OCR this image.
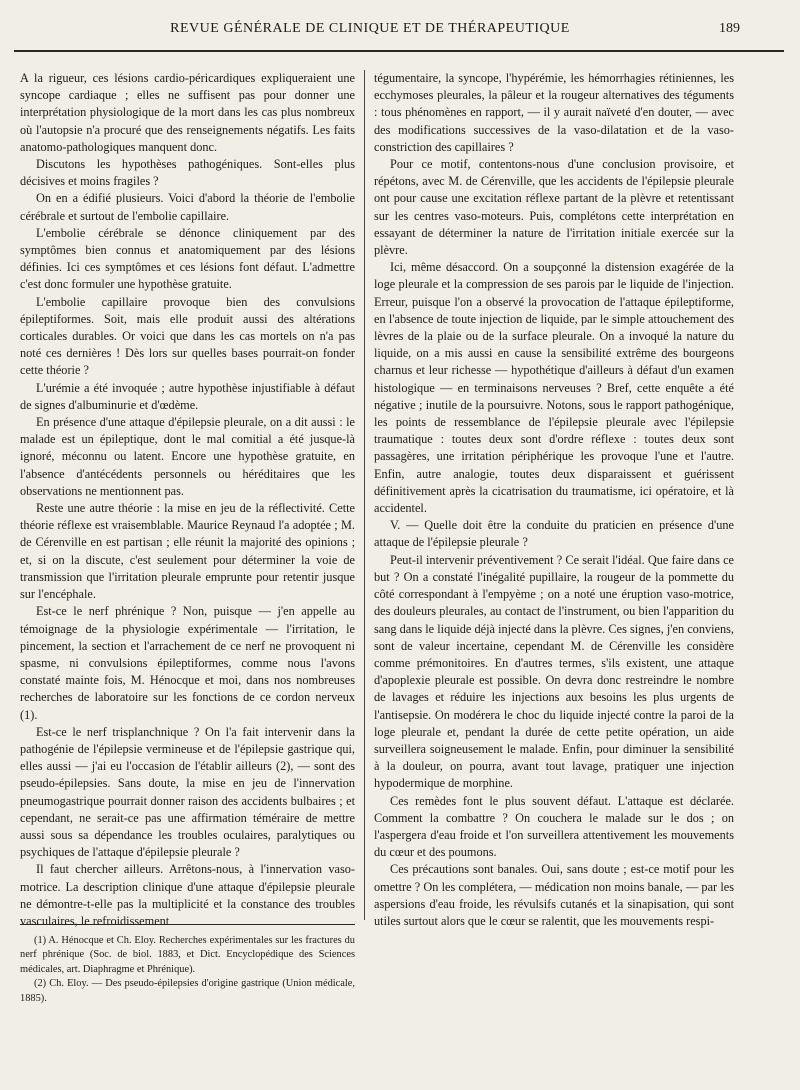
REVUE GÉNÉRALE DE CLINIQUE ET DE THÉRAPEUTIQUE	189

A la rigueur, ces lésions cardio-péricardiques expliqueraient une syncope cardiaque ; elles ne suffisent pas pour donner une interprétation physiologique de la mort dans les cas plus nombreux où l'autopsie n'a procuré que des renseignements négatifs. Les faits anatomo-pathologiques manquent donc.

Discutons les hypothèses pathogéniques. Sont-elles plus décisives et moins fragiles ?

On en a édifié plusieurs. Voici d'abord la théorie de l'embolie cérébrale et surtout de l'embolie capillaire.

L'embolie cérébrale se dénonce cliniquement par des symptômes bien connus et anatomiquement par des lésions définies. Ici ces symptômes et ces lésions font défaut. L'admettre c'est donc formuler une hypothèse gratuite.

L'embolie capillaire provoque bien des convulsions épileptiformes. Soit, mais elle produit aussi des altérations corticales durables. Or voici que dans les cas mortels on n'a pas noté ces dernières ! Dès lors sur quelles bases pourrait-on fonder cette théorie ?

L'urémie a été invoquée ; autre hypothèse injustifiable à défaut de signes d'albuminurie et d'œdème.

En présence d'une attaque d'épilepsie pleurale, on a dit aussi : le malade est un épileptique, dont le mal comitial a été jusque-là ignoré, méconnu ou latent. Encore une hypothèse gratuite, en l'absence d'antécédents personnels ou héréditaires que les observations ne mentionnent pas.

Reste une autre théorie : la mise en jeu de la réflectivité. Cette théorie réflexe est vraisemblable. Maurice Reynaud l'a adoptée ; M. de Cérenville en est partisan ; elle réunit la majorité des opinions ; et, si on la discute, c'est seulement pour déterminer la voie de transmission que l'irritation pleurale emprunte pour retentir jusque sur l'encéphale.

Est-ce le nerf phrénique ? Non, puisque — j'en appelle au témoignage de la physiologie expérimentale — l'irritation, le pincement, la section et l'arrachement de ce nerf ne provoquent ni spasme, ni convulsions épileptiformes, comme nous l'avons constaté mainte fois, M. Hénocque et moi, dans nos nombreuses recherches de laboratoire sur les fonctions de ce cordon nerveux (1).

Est-ce le nerf trisplanchnique ? On l'a fait intervenir dans la pathogénie de l'épilepsie vermineuse et de l'épilepsie gastrique qui, elles aussi — j'ai eu l'occasion de l'établir ailleurs (2), — sont des pseudo-épilepsies. Sans doute, la mise en jeu de l'innervation pneumogastrique pourrait donner raison des accidents bulbaires ; et cependant, ne serait-ce pas une affirmation téméraire de mettre aussi sous sa dépendance les troubles oculaires, paralytiques ou psychiques de l'attaque d'épilepsie pleurale ?

Il faut chercher ailleurs. Arrêtons-nous, à l'innervation vaso-motrice. La description clinique d'une attaque d'épilepsie pleurale ne démontre-t-elle pas la multiplicité et la constance des troubles vasculaires, le refroidissement

tégumentaire, la syncope, l'hypérémie, les hémorrhagies rétiniennes, les ecchymoses pleurales, la pâleur et la rougeur alternatives des téguments : tous phénomènes en rapport, — il y aurait naïveté d'en douter, — avec des modifications successives de la vaso-dilatation et de la vaso-constriction des capillaires ?

Pour ce motif, contentons-nous d'une conclusion provisoire, et répétons, avec M. de Cérenville, que les accidents de l'épilepsie pleurale ont pour cause une excitation réflexe partant de la plèvre et retentissant sur les centres vaso-moteurs. Puis, complétons cette interprétation en essayant de déterminer la nature de l'irritation initiale exercée sur la plèvre.

Ici, même désaccord. On a soupçonné la distension exagérée de la loge pleurale et la compression de ses parois par le liquide de l'injection. Erreur, puisque l'on a observé la provocation de l'attaque épileptiforme, en l'absence de toute injection de liquide, par le simple attouchement des lèvres de la plaie ou de la surface pleurale. On a invoqué la nature du liquide, on a mis aussi en cause la sensibilité extrême des bourgeons charnus et leur richesse — hypothétique d'ailleurs à défaut d'un examen histologique — en terminaisons nerveuses ? Bref, cette enquête a été négative ; inutile de la poursuivre. Notons, sous le rapport pathogénique, les points de ressemblance de l'épilepsie pleurale avec l'épilepsie traumatique : toutes deux sont d'ordre réflexe : toutes deux sont passagères, une irritation périphérique les provoque l'une et l'autre. Enfin, autre analogie, toutes deux disparaissent et guérissent définitivement après la cicatrisation du traumatisme, ici opératoire, et là accidentel.

V. — Quelle doit être la conduite du praticien en présence d'une attaque de l'épilepsie pleurale ?

Peut-il intervenir préventivement ? Ce serait l'idéal. Que faire dans ce but ? On a constaté l'inégalité pupillaire, la rougeur de la pommette du côté correspondant à l'empyème ; on a noté une éruption vaso-motrice, des douleurs pleurales, au contact de l'instrument, ou bien l'apparition du sang dans le liquide déjà injecté dans la plèvre. Ces signes, j'en conviens, sont de valeur incertaine, cependant M. de Cérenville les considère comme prémonitoires. En d'autres termes, s'ils existent, une attaque d'apoplexie pleurale est possible. On devra donc restreindre le nombre de lavages et réduire les injections aux besoins les plus urgents de l'antisepsie. On modérera le choc du liquide injecté contre la paroi de la loge pleurale et, pendant la durée de cette petite opération, un aide surveillera soigneusement le malade. Enfin, pour diminuer la sensibilité à la douleur, on pourra, avant tout lavage, pratiquer une injection hypodermique de morphine.

Ces remèdes font le plus souvent défaut. L'attaque est déclarée. Comment la combattre ? On couchera le malade sur le dos ; on l'aspergera d'eau froide et l'on surveillera attentivement les mouvements du cœur et des poumons.

Ces précautions sont banales. Oui, sans doute ; est-ce motif pour les omettre ? On les complétera, — médication non moins banale, — par les aspersions d'eau froide, les révulsifs cutanés et la sinapisation, qui sont utiles surtout alors que le cœur se ralentit, que les mouvements respi-

(1) A. Hénocque et Ch. Eloy. Recherches expérimentales sur les fractures du nerf phrénique (Soc. de biol. 1883, et Dict. Encyclopédique des Sciences médicales, art. Diaphragme et Phrénique).

(2) Ch. Eloy. — Des pseudo-épilepsies d'origine gastrique (Union médicale, 1885).
